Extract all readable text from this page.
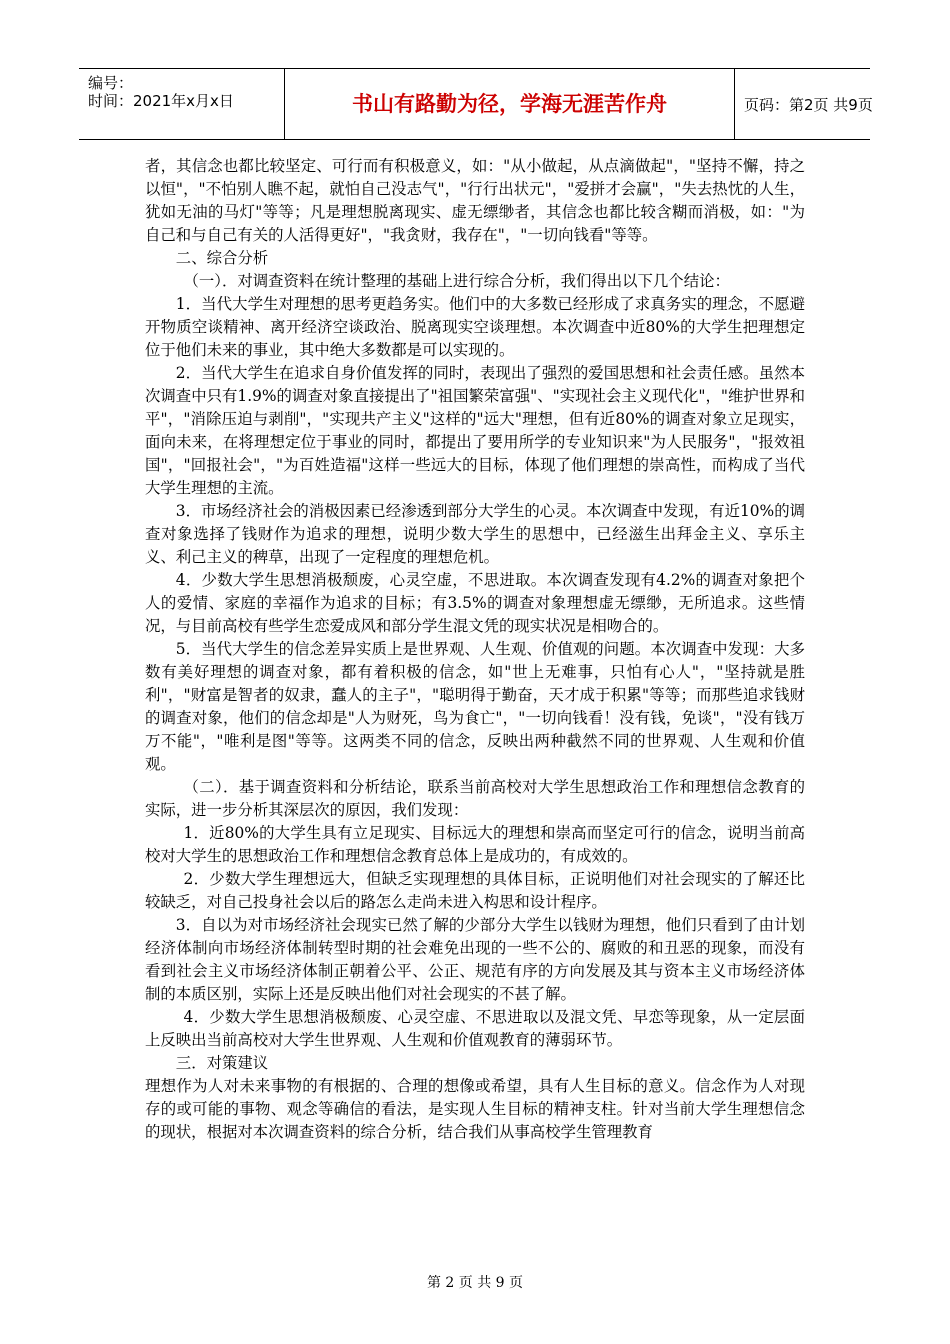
编号：
时间：2021年x月x日	书山有路勤为径，学海无涯苦作舟	页码：第2页 共9页

者，其信念也都比较坚定、可行而有积极意义，如："从小做起，从点滴做起"，"坚持不懈，持之以恒"，"不怕别人瞧不起，就怕自己没志气"，"行行出状元"，"爱拼才会赢"，"失去热忱的人生，犹如无油的马灯"等等；凡是理想脱离现实、虚无缥缈者，其信念也都比较含糊而消极，如："为自己和与自己有关的人活得更好"，"我贪财，我存在"，"一切向钱看"等等。

二、综合分析

（一）．对调查资料在统计整理的基础上进行综合分析，我们得出以下几个结论：

1．当代大学生对理想的思考更趋务实。他们中的大多数已经形成了求真务实的理念，不愿避开物质空谈精神、离开经济空谈政治、脱离现实空谈理想。本次调查中近80%的大学生把理想定位于他们未来的事业，其中绝大多数都是可以实现的。

2．当代大学生在追求自身价值发挥的同时，表现出了强烈的爱国思想和社会责任感。虽然本次调查中只有1.9%的调查对象直接提出了"祖国繁荣富强"、"实现社会主义现代化"，"维护世界和平"，"消除压迫与剥削"，"实现共产主义"这样的"远大"理想，但有近80%的调查对象立足现实，面向未来，在将理想定位于事业的同时，都提出了要用所学的专业知识来"为人民服务"，"报效祖国"，"回报社会"，"为百姓造福"这样一些远大的目标，体现了他们理想的崇高性，而构成了当代大学生理想的主流。

3．市场经济社会的消极因素已经渗透到部分大学生的心灵。本次调查中发现，有近10%的调查对象选择了钱财作为追求的理想，说明少数大学生的思想中，已经滋生出拜金主义、享乐主义、利己主义的稗草，出现了一定程度的理想危机。

4．少数大学生思想消极颓废，心灵空虚，不思进取。本次调查发现有4.2%的调查对象把个人的爱情、家庭的幸福作为追求的目标；有3.5%的调查对象理想虚无缥缈，无所追求。这些情况，与目前高校有些学生恋爱成风和部分学生混文凭的现实状况是相吻合的。

5．当代大学生的信念差异实质上是世界观、人生观、价值观的问题。本次调查中发现：大多数有美好理想的调查对象，都有着积极的信念，如"世上无难事，只怕有心人"，"坚持就是胜利"，"财富是智者的奴隶，蠢人的主子"，"聪明得于勤奋，天才成于积累"等等；而那些追求钱财的调查对象，他们的信念却是"人为财死，鸟为食亡"，"一切向钱看！没有钱，免谈"，"没有钱万万不能"，"唯利是图"等等。这两类不同的信念，反映出两种截然不同的世界观、人生观和价值观。

（二）．基于调查资料和分析结论，联系当前高校对大学生思想政治工作和理想信念教育的实际，进一步分析其深层次的原因，我们发现：

1．近80%的大学生具有立足现实、目标远大的理想和崇高而坚定可行的信念，说明当前高校对大学生的思想政治工作和理想信念教育总体上是成功的，有成效的。

2．少数大学生理想远大，但缺乏实现理想的具体目标，正说明他们对社会现实的了解还比较缺乏，对自己投身社会以后的路怎么走尚未进入构思和设计程序。

3．自以为对市场经济社会现实已然了解的少部分大学生以钱财为理想，他们只看到了由计划经济体制向市场经济体制转型时期的社会难免出现的一些不公的、腐败的和丑恶的现象，而没有看到社会主义市场经济体制正朝着公平、公正、规范有序的方向发展及其与资本主义市场经济体制的本质区别，实际上还是反映出他们对社会现实的不甚了解。

4．少数大学生思想消极颓废、心灵空虚、不思进取以及混文凭、早恋等现象，从一定层面上反映出当前高校对大学生世界观、人生观和价值观教育的薄弱环节。

三．对策建议

理想作为人对未来事物的有根据的、合理的想像或希望，具有人生目标的意义。信念作为人对现存的或可能的事物、观念等确信的看法，是实现人生目标的精神支柱。针对当前大学生理想信念的现状，根据对本次调查资料的综合分析，结合我们从事高校学生管理教育

第 2 页 共 9 页
